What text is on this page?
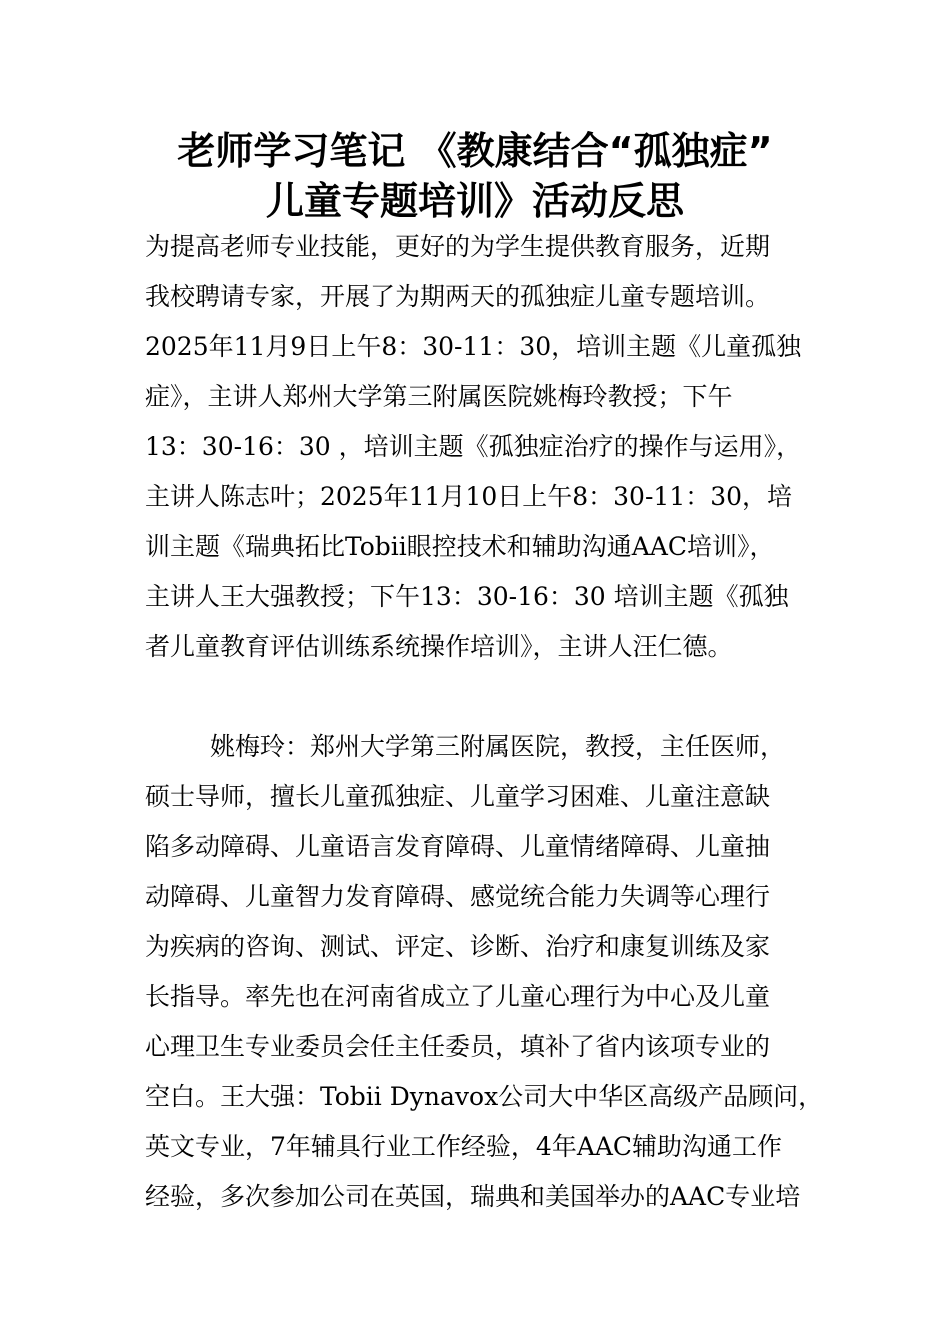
老师学习笔记 《教康结合“孤独症”
儿童专题培训》活动反思
为提高老师专业技能，更好的为学生提供教育服务，近期
我校聘请专家，开展了为期两天的孤独症儿童专题培训。
2025年11月9日上午8：30-11：30，培训主题《儿童孤独
症》，主讲人郑州大学第三附属医院姚梅玲教授；下午
13：30-16：30 ，培训主题《孤独症治疗的操作与运用》，
主讲人陈志叶；2025年11月10日上午8：30-11：30，培
训主题《瑞典拓比Tobii眼控技术和辅助沟通AAC培训》，
主讲人王大强教授；下午13：30-16：30 培训主题《孤独
者儿童教育评估训练系统操作培训》，主讲人汪仁德。
姚梅玲：郑州大学第三附属医院，教授，主任医师，
硕士导师，擅长儿童孤独症、儿童学习困难、儿童注意缺
陷多动障碍、儿童语言发育障碍、儿童情绪障碍、儿童抽
动障碍、儿童智力发育障碍、感觉统合能力失调等心理行
为疾病的咨询、测试、评定、诊断、治疗和康复训练及家
长指导。率先也在河南省成立了儿童心理行为中心及儿童
心理卫生专业委员会任主任委员，填补了省内该项专业的
空白。王大强：Tobii Dynavox公司大中华区高级产品顾问，
英文专业，7年辅具行业工作经验，4年AAC辅助沟通工作
经验，多次参加公司在英国，瑞典和美国举办的AAC专业培
